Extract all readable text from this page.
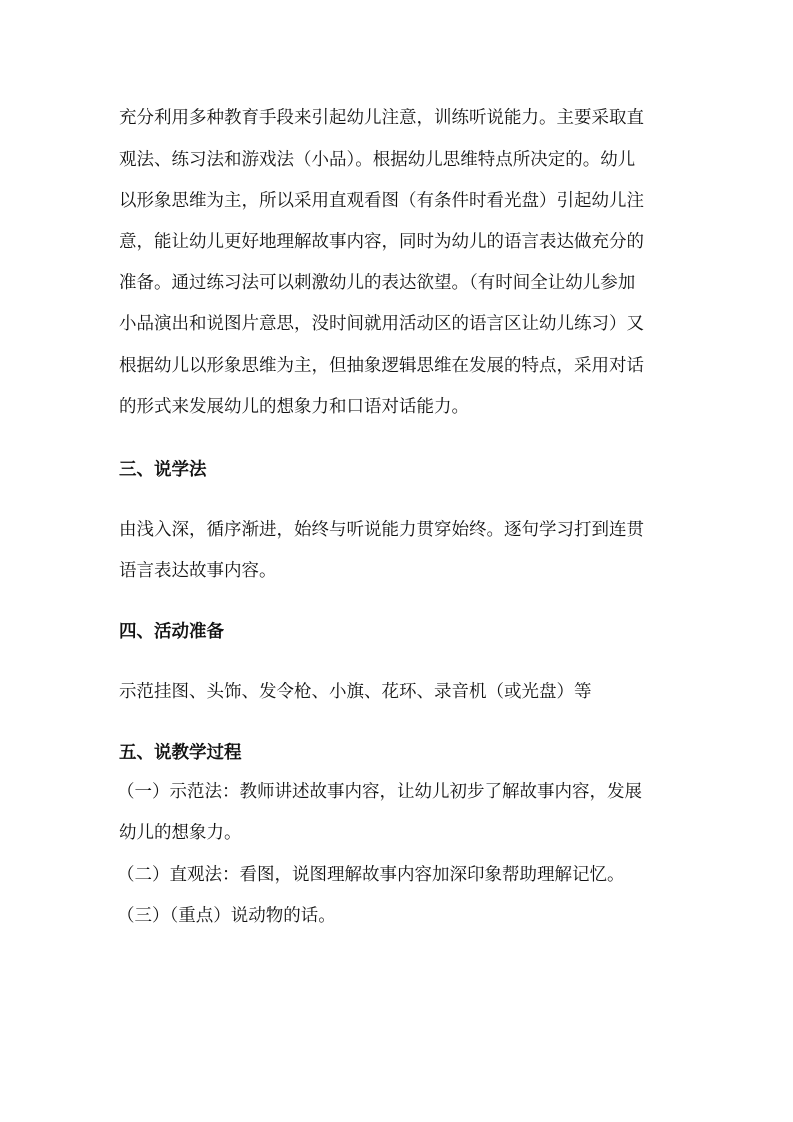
充分利用多种教育手段来引起幼儿注意，训练听说能力。主要采取直
观法、练习法和游戏法（小品）。根据幼儿思维特点所决定的。幼儿
以形象思维为主，所以采用直观看图（有条件时看光盘）引起幼儿注
意，能让幼儿更好地理解故事内容，同时为幼儿的语言表达做充分的
准备。通过练习法可以刺激幼儿的表达欲望。（有时间全让幼儿参加
小品演出和说图片意思，没时间就用活动区的语言区让幼儿练习）又
根据幼儿以形象思维为主，但抽象逻辑思维在发展的特点，采用对话
的形式来发展幼儿的想象力和口语对话能力。
三、说学法
由浅入深，循序渐进，始终与听说能力贯穿始终。逐句学习打到连贯
语言表达故事内容。
四、活动准备
示范挂图、头饰、发令枪、小旗、花环、录音机（或光盘）等
五、说教学过程
（一）示范法：教师讲述故事内容，让幼儿初步了解故事内容，发展
幼儿的想象力。
（二）直观法：看图，说图理解故事内容加深印象帮助理解记忆。
（三）（重点）说动物的话。
